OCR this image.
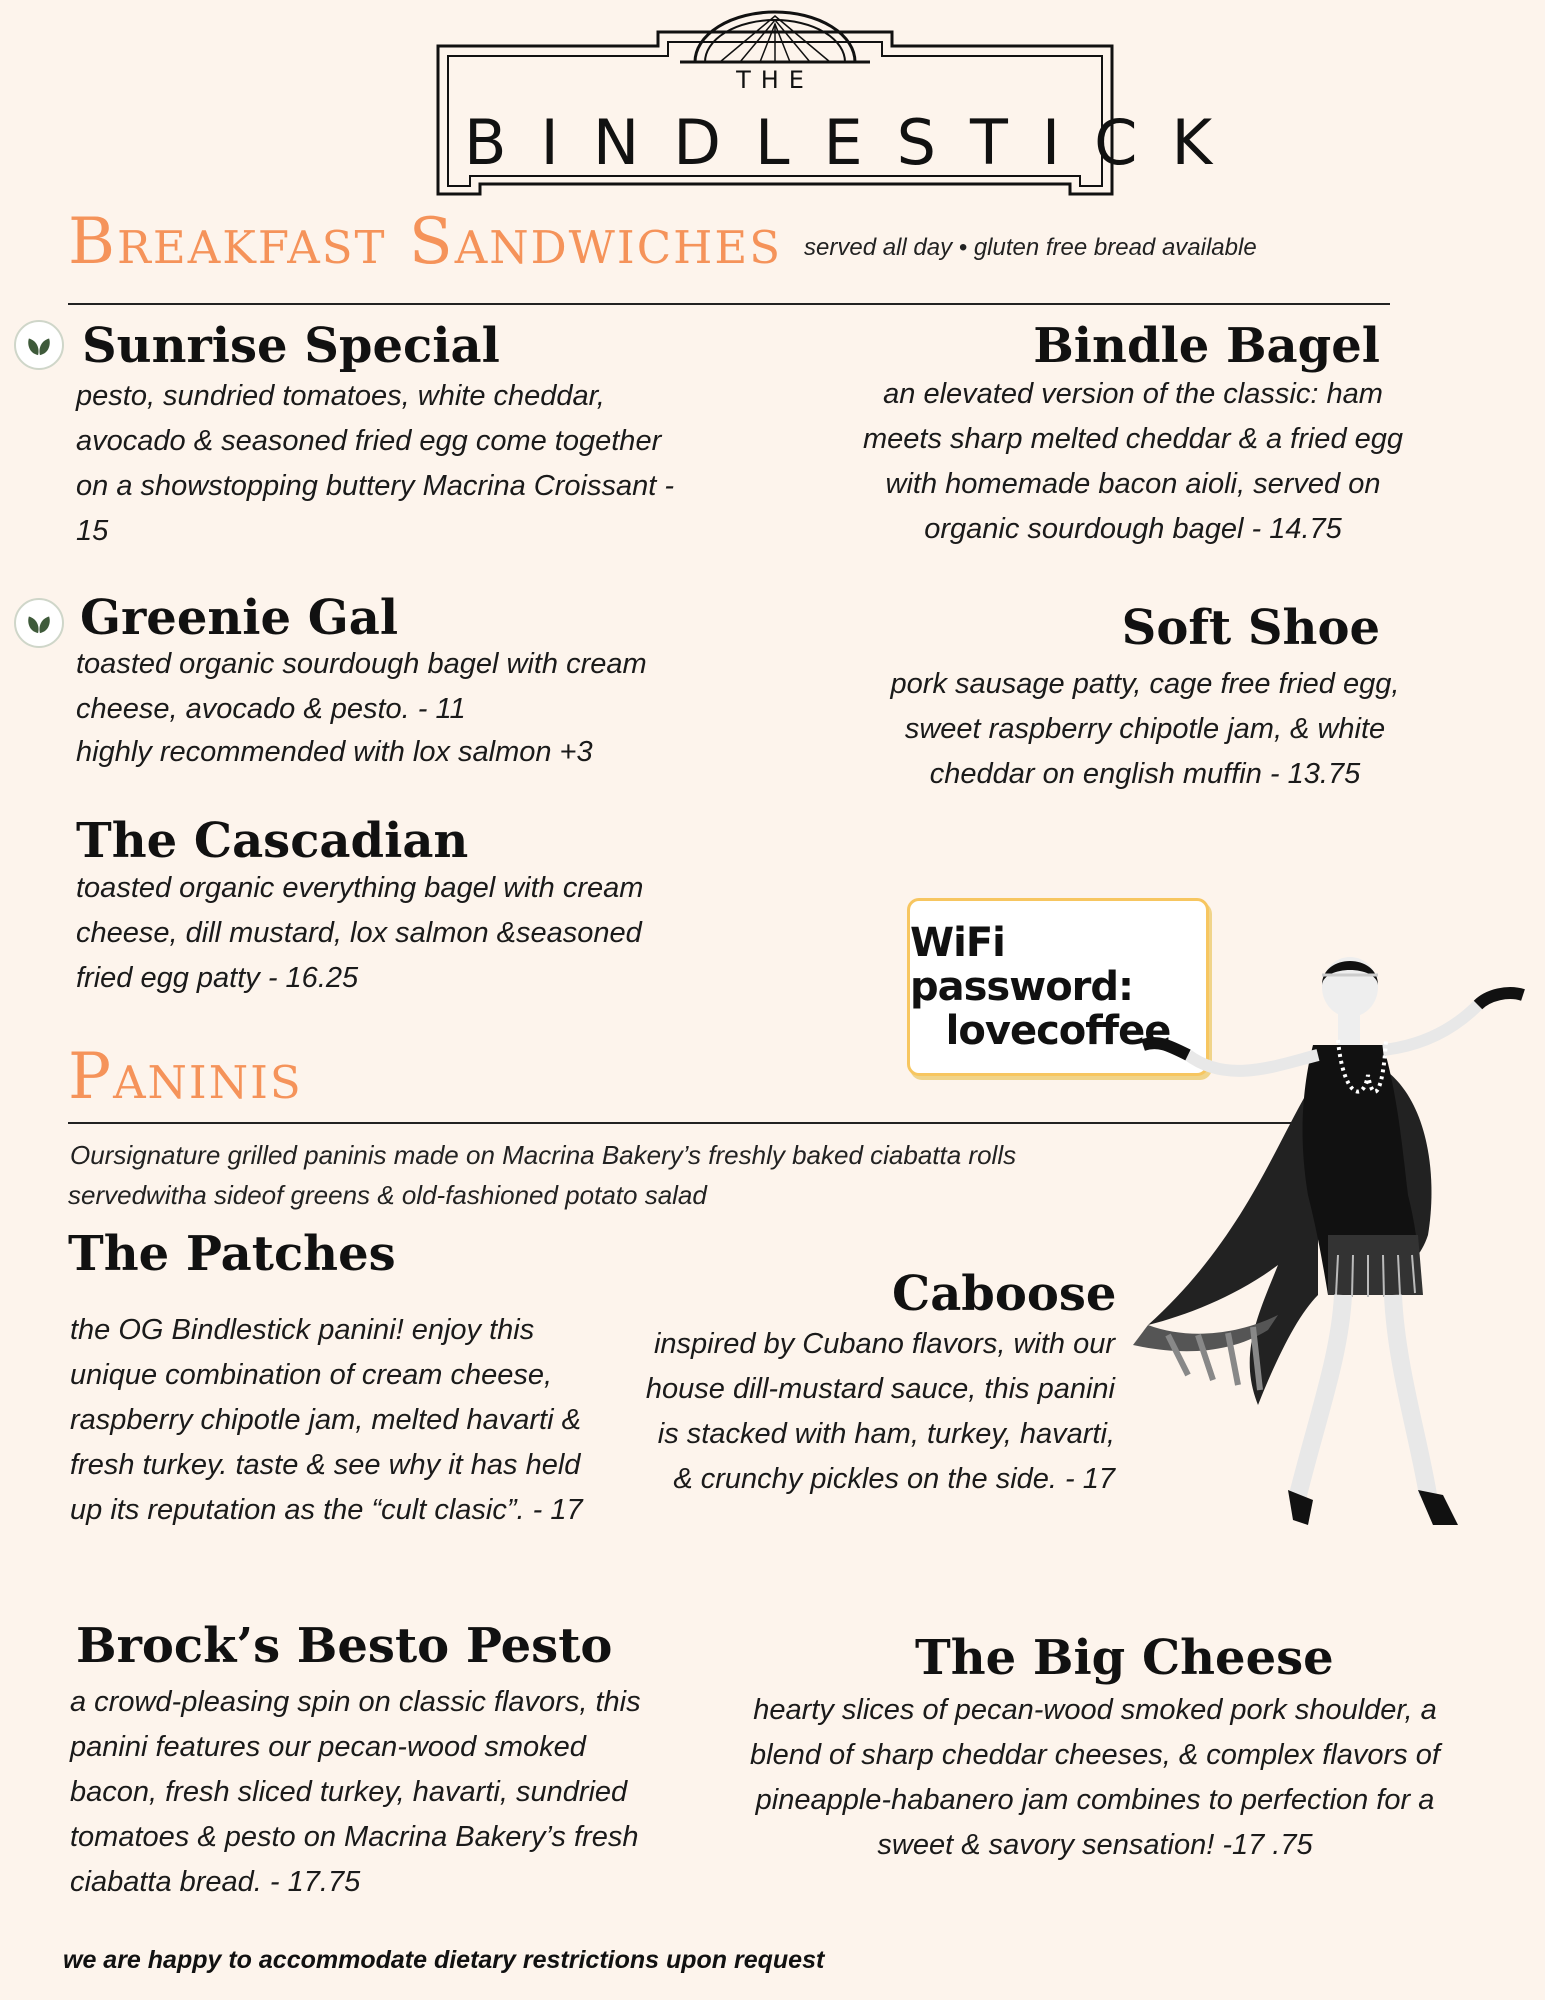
THE
BINDLESTICK
Breakfast Sandwiches served all day • gluten free bread available
Sunrise Special
pesto, sundried tomatoes, white cheddar, avocado & seasoned fried egg come together on a showstopping buttery Macrina Croissant - 15
Bindle Bagel
an elevated version of the classic: ham meets sharp melted cheddar & a fried egg with homemade bacon aioli, served on organic sourdough bagel - 14.75
Greenie Gal
toasted organic sourdough bagel with cream cheese, avocado & pesto. - 11
highly recommended with lox salmon +3
Soft Shoe
pork sausage patty, cage free fried egg, sweet raspberry chipotle jam, & white cheddar on english muffin - 13.75
The Cascadian
toasted organic everything bagel with cream cheese, dill mustard, lox salmon &seasoned fried egg patty - 16.25
WiFi password:
lovecoffee
Paninis
Oursignature grilled paninis made on Macrina Bakery’s freshly baked ciabatta rolls
servedwitha sideof greens & old-fashioned potato salad
The Patches
the OG Bindlestick panini! enjoy this unique combination of cream cheese, raspberry chipotle jam, melted havarti & fresh turkey. taste & see why it has held up its reputation as the “cult clasic”. - 17
Caboose
inspired by Cubano flavors, with our house dill-mustard sauce, this panini is stacked with ham, turkey, havarti, & crunchy pickles on the side. - 17
Brock’s Besto Pesto
a crowd-pleasing spin on classic flavors, this panini features our pecan-wood smoked bacon, fresh sliced turkey, havarti, sundried tomatoes & pesto on Macrina Bakery’s fresh ciabatta bread. - 17.75
The Big Cheese
hearty slices of pecan-wood smoked pork shoulder, a blend of sharp cheddar cheeses, & complex flavors of pineapple-habanero jam combines to perfection for a sweet & savory sensation! -17 .75
we are happy to accommodate dietary restrictions upon request
